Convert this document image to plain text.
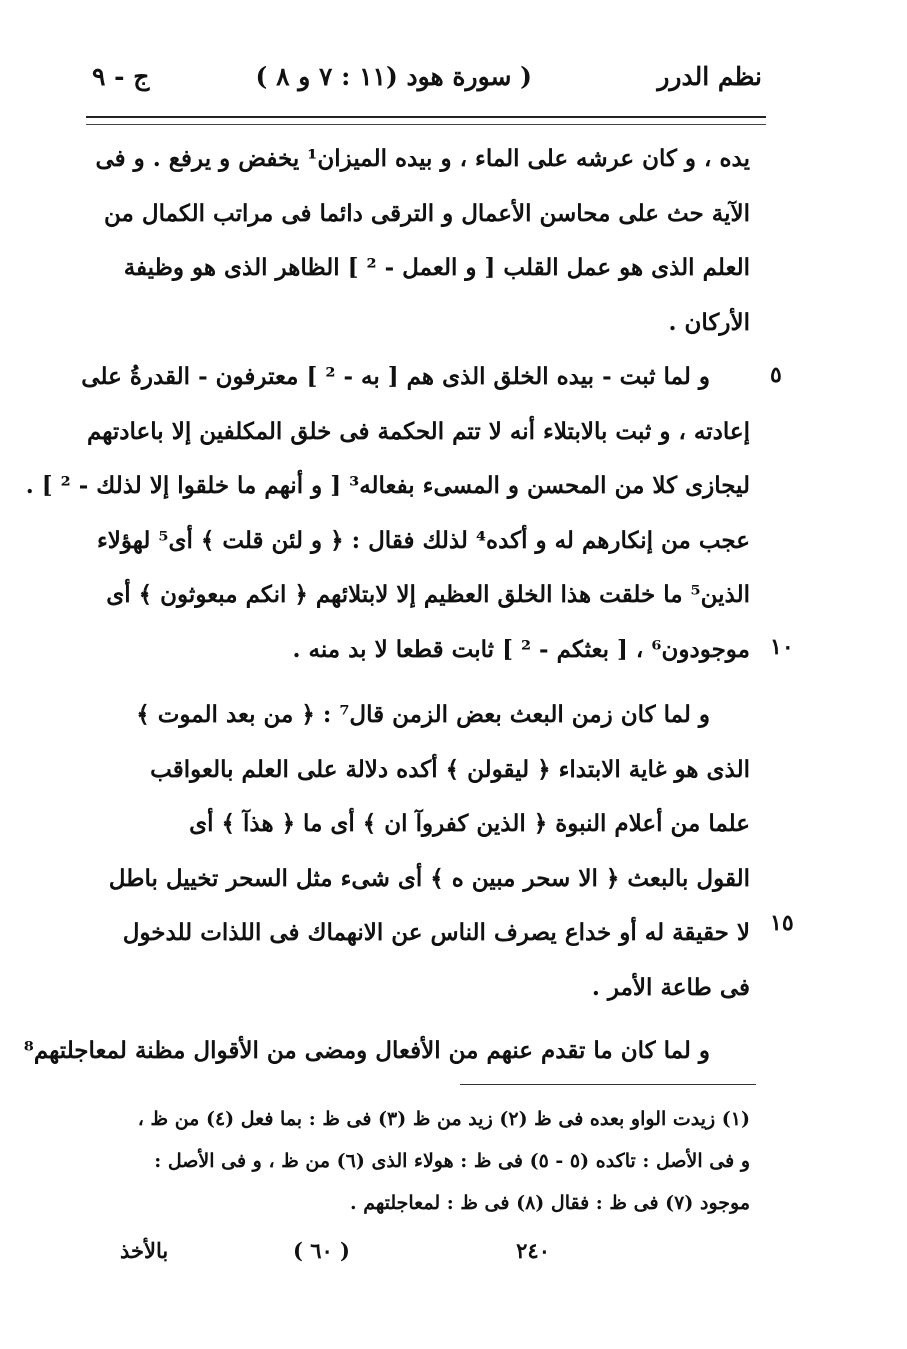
نظم الدرر
( سورة هود (١١ : ٧ و ٨ )
ج - ٩
يده ، و كان عرشه على الماء ، و بيده الميزان¹ يخفض و يرفع . و فى
الآية حث على محاسن الأعمال و الترقى دائما فى مراتب الكمال من
العلم الذى هو عمل القلب [ و العمل - ² ] الظاهر الذى هو وظيفة
الأركان .
و لما ثبت - بيده الخلق الذى هم [ به - ² ] معترفون - القدرةُ على
إعادته ، و ثبت بالابتلاء أنه لا تتم الحكمة فى خلق المكلفين إلا باعادتهم
ليجازى كلا من المحسن و المسىء بفعاله³ [ و أنهم ما خلقوا إلا لذلك - ² ] .
عجب من إنكارهم له و أكده⁴ لذلك فقال : ﴿ و لئن قلت ﴾ أى⁵ لهؤلاء
الذين⁵ ما خلقت هذا الخلق العظيم إلا لابتلائهم ﴿ انكم مبعوثون ﴾ أى
موجودون⁶ ، [ بعثكم - ² ] ثابت قطعا لا بد منه .
و لما كان زمن البعث بعض الزمن قال⁷ : ﴿ من بعد الموت ﴾
الذى هو غاية الابتداء ﴿ ليقولن ﴾ أكده دلالة على العلم بالعواقب
علما من أعلام النبوة ﴿ الذين كفروآ ان ﴾ أى ما ﴿ هذآ ﴾ أى
القول بالبعث ﴿ الا سحر مبين ه ﴾ أى شىء مثل السحر تخييل باطل
لا حقيقة له أو خداع يصرف الناس عن الانهماك فى اللذات للدخول
فى طاعة الأمر .
و لما كان ما تقدم عنهم من الأفعال ومضى من الأقوال مظنة لمعاجلتهم⁸
٥
١٠
١٥
(١) زيدت الواو بعده فى ظ (٢) زيد من ظ (٣) فى ظ : بما فعل (٤) من ظ ،
و فى الأصل : تاكده (٥ - ٥) فى ظ : هولاء الذى (٦) من ظ ، و فى الأصل :
موجود (٧) فى ظ : فقال (٨) فى ظ : لمعاجلتهم .
٢٤٠
( ٦٠ )
بالأخذ
